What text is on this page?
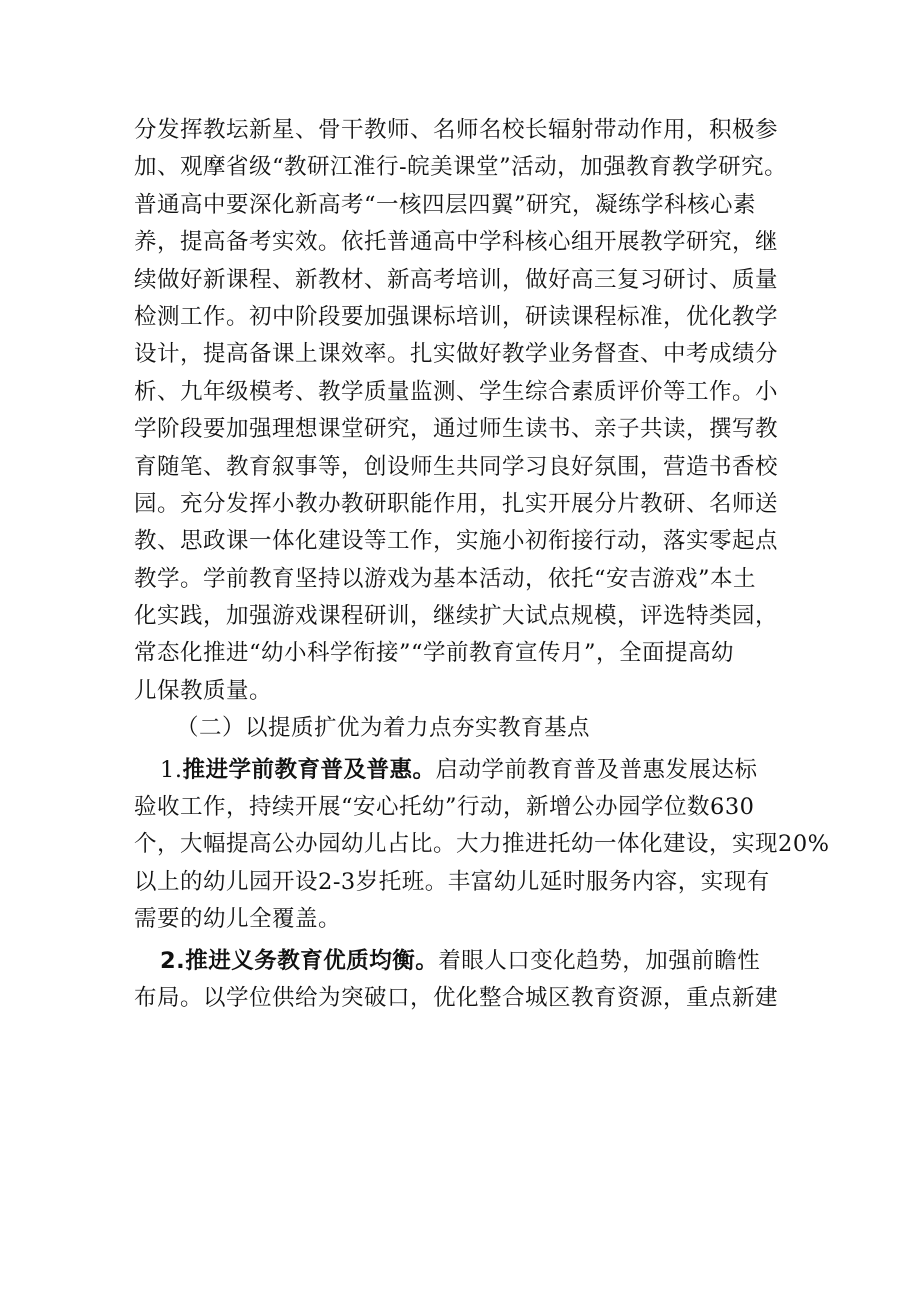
分发挥教坛新星、骨干教师、名师名校长辐射带动作用，积极参
加、观摩省级“教研江淮行-皖美课堂”活动，加强教育教学研究。
普通高中要深化新高考“一核四层四翼”研究，凝练学科核心素
养，提高备考实效。依托普通高中学科核心组开展教学研究，继
续做好新课程、新教材、新高考培训，做好高三复习研讨、质量
检测工作。初中阶段要加强课标培训，研读课程标准，优化教学
设计，提高备课上课效率。扎实做好教学业务督查、中考成绩分
析、九年级模考、教学质量监测、学生综合素质评价等工作。小
学阶段要加强理想课堂研究，通过师生读书、亲子共读，撰写教
育随笔、教育叙事等，创设师生共同学习良好氛围，营造书香校
园。充分发挥小教办教研职能作用，扎实开展分片教研、名师送
教、思政课一体化建设等工作，实施小初衔接行动，落实零起点
教学。学前教育坚持以游戏为基本活动，依托“安吉游戏”本土
化实践，加强游戏课程研训，继续扩大试点规模，评选特类园，
常态化推进“幼小科学衔接”“学前教育宣传月”，全面提高幼
儿保教质量。
（二）以提质扩优为着力点夯实教育基点
1.推进学前教育普及普惠。启动学前教育普及普惠发展达标
验收工作，持续开展“安心托幼”行动，新增公办园学位数630
个，大幅提高公办园幼儿占比。大力推进托幼一体化建设，实现20%
以上的幼儿园开设2-3岁托班。丰富幼儿延时服务内容，实现有
需要的幼儿全覆盖。
2.推进义务教育优质均衡。着眼人口变化趋势，加强前瞻性
布局。以学位供给为突破口，优化整合城区教育资源，重点新建
